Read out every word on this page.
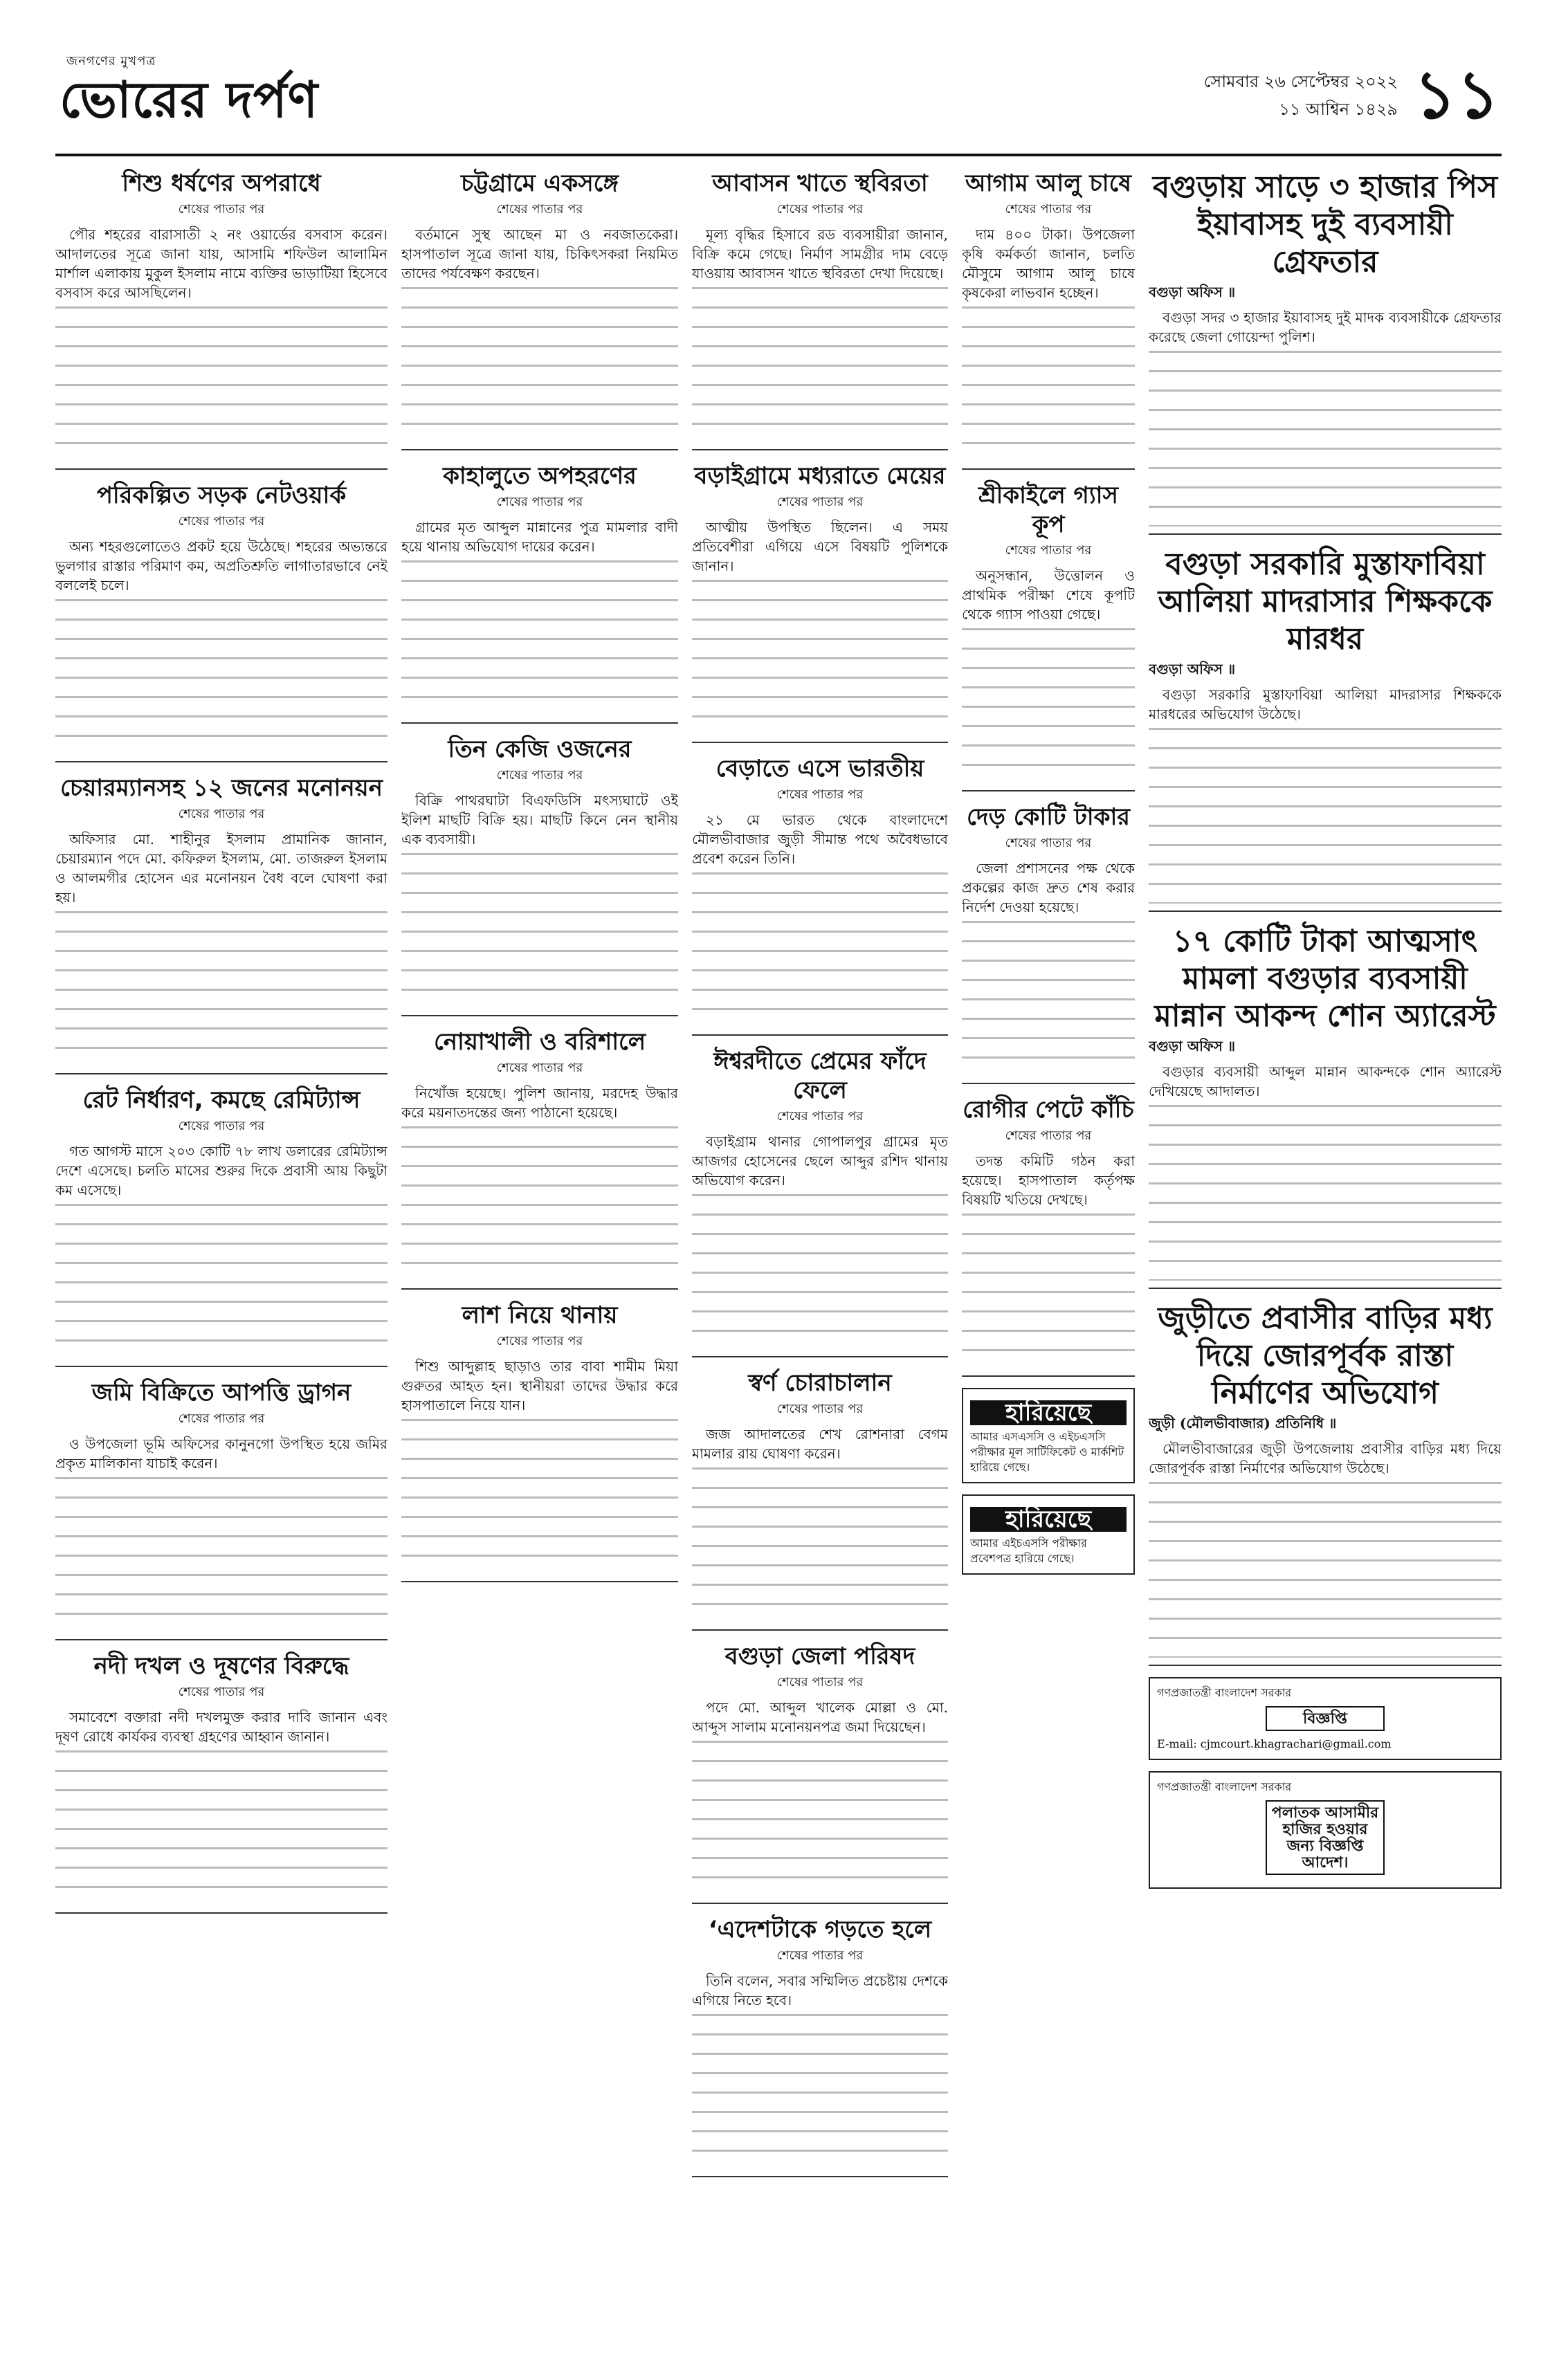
জনগণের মুখপত্র
ভোরের দর্পণ	সোমবার ২৬ সেপ্টেম্বর ২০২২
১১ আশ্বিন ১৪২৯ ১১
শিশু ধর্ষণের অপরাধে
শেষের পাতার পর

পৌর শহরের বারাসাতী ২ নং ওয়ার্ডের বসবাস করেন। আদালতের সূত্রে জানা যায়, আসামি শফিউল আলামিন মার্শাল এলাকায় মুকুল ইসলাম নামে ব্যক্তির ভাড়াটিয়া হিসেবে বসবাস করে আসছিলেন।

পরিকল্পিত সড়ক নেটওয়ার্ক
শেষের পাতার পর

অন্য শহরগুলোতেও প্রকট হয়ে উঠেছে। শহরের অভ্যন্তরে ভুলগার রাস্তার পরিমাণ কম, অপ্রতিশ্রুতি লাগাতারভাবে নেই বললেই চলে।

চেয়ারম্যানসহ ১২ জনের মনোনয়ন
শেষের পাতার পর

অফিসার মো. শাহীনুর ইসলাম প্রামানিক জানান, চেয়ারম্যান পদে মো. কফিরুল ইসলাম, মো. তাজরুল ইসলাম ও আলমগীর হোসেন এর মনোনয়ন বৈধ বলে ঘোষণা করা হয়।

রেট নির্ধারণ, কমছে রেমিট্যান্স
শেষের পাতার পর

গত আগস্ট মাসে ২০৩ কোটি ৭৮ লাখ ডলারের রেমিট্যান্স দেশে এসেছে। চলতি মাসের শুরুর দিকে প্রবাসী আয় কিছুটা কম এসেছে।

জমি বিক্রিতে আপত্তি ড্রাগন
শেষের পাতার পর

ও উপজেলা ভূমি অফিসের কানুনগো উপস্থিত হয়ে জমির প্রকৃত মালিকানা যাচাই করেন।

নদী দখল ও দূষণের বিরুদ্ধে
শেষের পাতার পর

সমাবেশে বক্তারা নদী দখলমুক্ত করার দাবি জানান এবং দূষণ রোধে কার্যকর ব্যবস্থা গ্রহণের আহ্বান জানান।

চট্টগ্রামে একসঙ্গে
শেষের পাতার পর

বর্তমানে সুস্থ আছেন মা ও নবজাতকেরা। হাসপাতাল সূত্রে জানা যায়, চিকিৎসকরা নিয়মিত তাদের পর্যবেক্ষণ করছেন।

কাহালুতে অপহরণের
শেষের পাতার পর

গ্রামের মৃত আব্দুল মান্নানের পুত্র মামলার বাদী হয়ে থানায় অভিযোগ দায়ের করেন।

তিন কেজি ওজনের
শেষের পাতার পর

বিক্রি পাথরঘাটা বিএফডিসি মৎস্যঘাটে ওই ইলিশ মাছটি বিক্রি হয়। মাছটি কিনে নেন স্থানীয় এক ব্যবসায়ী।

নোয়াখালী ও বরিশালে
শেষের পাতার পর

নিখোঁজ হয়েছে। পুলিশ জানায়, মরদেহ উদ্ধার করে ময়নাতদন্তের জন্য পাঠানো হয়েছে।

লাশ নিয়ে থানায়
শেষের পাতার পর

শিশু আব্দুল্লাহ ছাড়াও তার বাবা শামীম মিয়া গুরুতর আহত হন। স্থানীয়রা তাদের উদ্ধার করে হাসপাতালে নিয়ে যান।

আবাসন খাতে স্থবিরতা
শেষের পাতার পর

মূল্য বৃদ্ধির হিসাবে রড ব্যবসায়ীরা জানান, বিক্রি কমে গেছে। নির্মাণ সামগ্রীর দাম বেড়ে যাওয়ায় আবাসন খাতে স্থবিরতা দেখা দিয়েছে।

বড়াইগ্রামে মধ্যরাতে মেয়ের
শেষের পাতার পর

আত্মীয় উপস্থিত ছিলেন। এ সময় প্রতিবেশীরা এগিয়ে এসে বিষয়টি পুলিশকে জানান।

বেড়াতে এসে ভারতীয়
শেষের পাতার পর

২১ মে ভারত থেকে বাংলাদেশে মৌলভীবাজার জুড়ী সীমান্ত পথে অবৈধভাবে প্রবেশ করেন তিনি।

ঈশ্বরদীতে প্রেমের ফাঁদে ফেলে
শেষের পাতার পর

বড়াইগ্রাম থানার গোপালপুর গ্রামের মৃত আজগর হোসেনের ছেলে আব্দুর রশিদ থানায় অভিযোগ করেন।

স্বর্ণ চোরাচালান
শেষের পাতার পর

জজ আদালতের শেখ রোশনারা বেগম মামলার রায় ঘোষণা করেন।

বগুড়া জেলা পরিষদ
শেষের পাতার পর

পদে মো. আব্দুল খালেক মোল্লা ও মো. আব্দুস সালাম মনোনয়নপত্র জমা দিয়েছেন।

‘এদেশটাকে গড়তে হলে
শেষের পাতার পর

তিনি বলেন, সবার সম্মিলিত প্রচেষ্টায় দেশকে এগিয়ে নিতে হবে।

আগাম আলু চাষে
শেষের পাতার পর

দাম ৪০০ টাকা। উপজেলা কৃষি কর্মকর্তা জানান, চলতি মৌসুমে আগাম আলু চাষে কৃষকেরা লাভবান হচ্ছেন।

শ্রীকাইলে গ্যাস কূপ
শেষের পাতার পর

অনুসন্ধান, উত্তোলন ও প্রাথমিক পরীক্ষা শেষে কূপটি থেকে গ্যাস পাওয়া গেছে।

দেড় কোটি টাকার
শেষের পাতার পর

জেলা প্রশাসনের পক্ষ থেকে প্রকল্পের কাজ দ্রুত শেষ করার নির্দেশ দেওয়া হয়েছে।

রোগীর পেটে কাঁচি
শেষের পাতার পর

তদন্ত কমিটি গঠন করা হয়েছে। হাসপাতাল কর্তৃপক্ষ বিষয়টি খতিয়ে দেখছে।

হারিয়েছে
আমার এসএসসি ও এইচএসসি পরীক্ষার মূল সার্টিফিকেট ও মার্কশিট হারিয়ে গেছে।
হারিয়েছে
আমার এইচএসসি পরীক্ষার প্রবেশপত্র হারিয়ে গেছে।
বগুড়ায় সাড়ে ৩ হাজার পিস ইয়াবাসহ দুই ব্যবসায়ী গ্রেফতার
বগুড়া অফিস ॥

বগুড়া সদর ৩ হাজার ইয়াবাসহ দুই মাদক ব্যবসায়ীকে গ্রেফতার করেছে জেলা গোয়েন্দা পুলিশ।

বগুড়া সরকারি মুস্তাফাবিয়া আলিয়া মাদরাসার শিক্ষককে মারধর
বগুড়া অফিস ॥

বগুড়া সরকারি মুস্তাফাবিয়া আলিয়া মাদরাসার শিক্ষককে মারধরের অভিযোগ উঠেছে।

১৭ কোটি টাকা আত্মসাৎ মামলা বগুড়ার ব্যবসায়ী মান্নান আকন্দ শোন অ্যারেস্ট
বগুড়া অফিস ॥

বগুড়ার ব্যবসায়ী আব্দুল মান্নান আকন্দকে শোন অ্যারেস্ট দেখিয়েছে আদালত।

জুড়ীতে প্রবাসীর বাড়ির মধ্য দিয়ে জোরপূর্বক রাস্তা নির্মাণের অভিযোগ
জুড়ী (মৌলভীবাজার) প্রতিনিধি ॥

মৌলভীবাজারের জুড়ী উপজেলায় প্রবাসীর বাড়ির মধ্য দিয়ে জোরপূর্বক রাস্তা নির্মাণের অভিযোগ উঠেছে।

গণপ্রজাতন্ত্রী বাংলাদেশ সরকার
বিজ্ঞপ্তি
E-mail: cjmcourt.khagrachari@gmail.com
গণপ্রজাতন্ত্রী বাংলাদেশ সরকার
পলাতক আসামীর হাজির হওয়ার জন্য বিজ্ঞপ্তি আদেশ।
